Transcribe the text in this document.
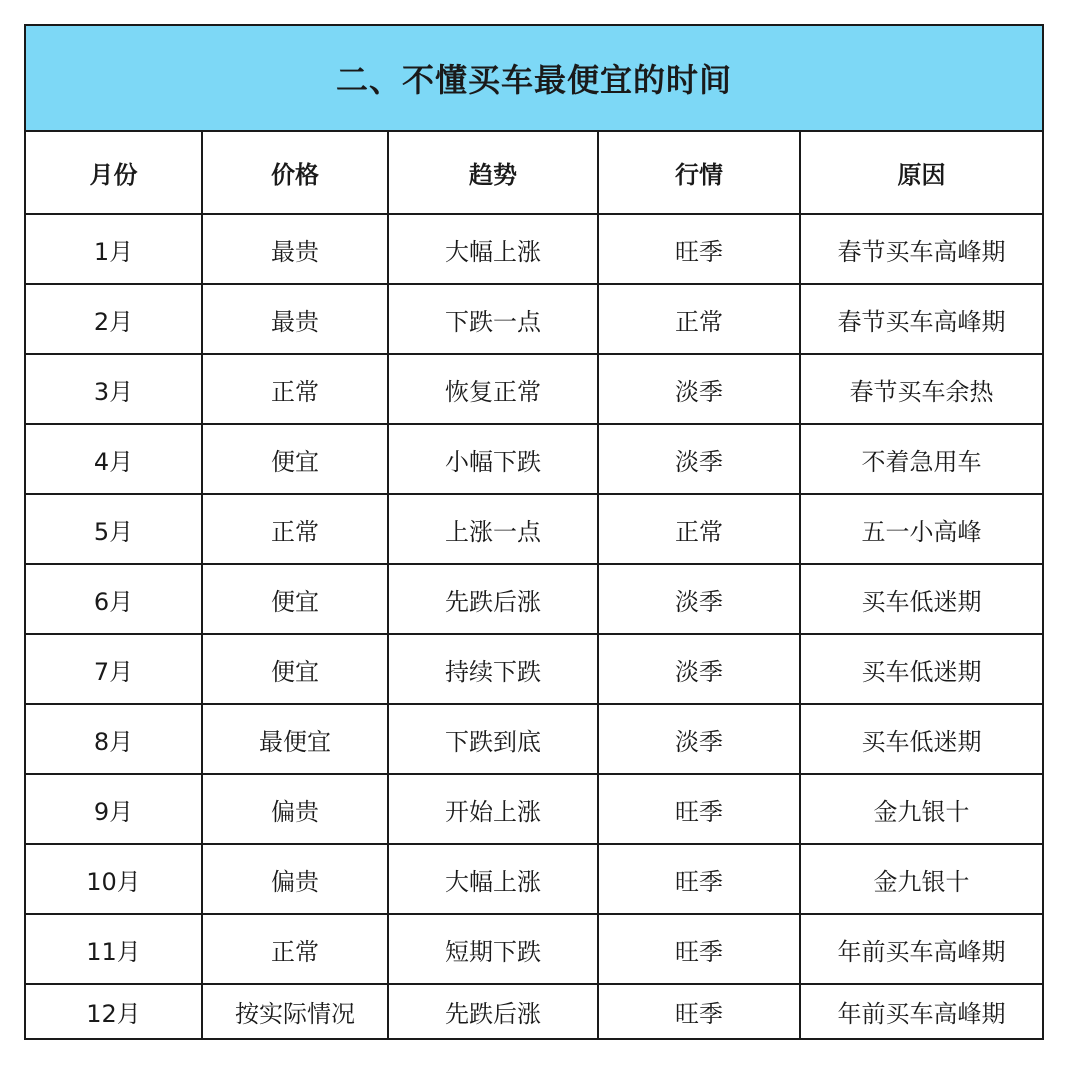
二、不懂买车最便宜的时间				
月份	价格	趋势	行情	原因
1月	最贵	大幅上涨	旺季	春节买车高峰期
2月	最贵	下跌一点	正常	春节买车高峰期
3月	正常	恢复正常	淡季	春节买车余热
4月	便宜	小幅下跌	淡季	不着急用车
5月	正常	上涨一点	正常	五一小高峰
6月	便宜	先跌后涨	淡季	买车低迷期
7月	便宜	持续下跌	淡季	买车低迷期
8月	最便宜	下跌到底	淡季	买车低迷期
9月	偏贵	开始上涨	旺季	金九银十
10月	偏贵	大幅上涨	旺季	金九银十
11月	正常	短期下跌	旺季	年前买车高峰期
12月	按实际情况	先跌后涨	旺季	年前买车高峰期
